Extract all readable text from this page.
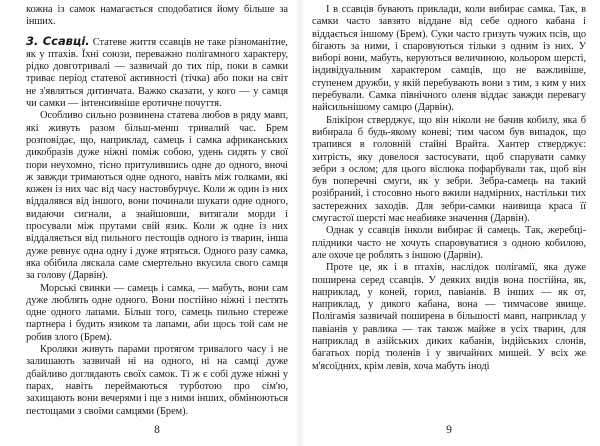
кожна із самок намагається сподобатися йому більше за інших.

3. Ссавці. Статеве життя ссавців не таке різноманітне, як у птахів. Їхні союзи, переважно полігамного характеру, рідко довготривалі — зазвичай до тих пір, поки в самки триває період статевої активності (тічка) або поки на світ не з'являться дитинчата. Важко сказати, у кого — у самця чи самки — інтенсивніше еротичне почуття.

Особливо сильно розвинена статева любов в ряду мавп, які живуть разом більш-менш тривалий час. Брем розповідає, що, наприклад, самець і самка африканських дикобразів дуже ніжні поміж собою, удень сидять у свої пори неухомно, тісно притулившись одне до одного, вночі ж завжди тримаються одне одного, навіть між голками, які кожен із них час від часу настовбурчує. Коли ж один із них віддалявся від іншого, вони починали шукати одне одного, видаючи сигнали, а знайшовши, витягали морди і просували між прутами свій язик. Коли ж одне із них віддаляється від пильного пестощів одного із тварин, інша дуже ревнує одна одну і дуже ятряться. Одного разу самка, яка обібила ляскала саме смертельно вкусила свого самця за голову (Дарвін).

Морські свинки — самець і самка, — мабуть, вони сам дуже люблять одне одного. Вони постійно ніжні і пестять одне одного лапами. Більш того, самець пильно стереже партнера і будить язиком та лапами, аби щось той сам не робив злого (Брем).

Кроляки живуть парами протягом тривалого часу і не залишають зазвичай ні на одного, ні на самці дуже дбайливо доглядають своїх самок. Ті ж є собі дуже ніжні у парах, навіть переймаються турботою про сім'ю, захищають вони вечерями і ще з ними інших, обмінюються пестощами з своїми самцями (Брем).

8

І в ссавців бувають приклади, коли вибирає самка. Так, в самки часто завзято віддане від себе одного кабана і віддається іншому (Брем). Суки часто гризуть чужих псів, що бігають за ними, і спаровуються тільки з одним із них. У виборі вони, мабуть, керуються величиною, кольором шерсті, індивідуальним характером самців, що не важливіше, ступенем дружби, у якій перебувають вони з тим, з ким у них перебували. Самка північного оленя віддає завжди перевагу найсильнішому самцю (Дарвін).

Блікірон стверджує, що він ніколи не бачив кобилу, яка б вибирала б будь-якому коневі; тим часом був випадок, що трапився в головній стайні Врайта. Хантер стверджує: хитрість, яку довелося застосувати, щоб спарувати самку зебри з ослом; для цього віслюка пофарбували так, щоб він був поперечні смуги, як у зебри. Зебра-самець на такий розібраний, і стосовно нього вжили надмірних, настільки тих застережних заходів. Для зебри-самки наивища краса її смугастої шерсті має неабияке значення (Дарвін).

Однак у ссавців інколи вибирає й самець. Так, жеребці-плідники часто не хочуть спаровуватися з одною кобилою, але охоче це роблять з іншою (Дарвін).

Проте це, як і в птахів, наслідок полігамії, яка дуже поширена серед ссавців. У деяких видів вона постійна, як, наприклад, у коней, горил, павіанів. В інших — як от, наприклад, у дикого кабана, вона — тимчасове явище. Полігамія зазвичай поширена в більшості мавп, наприклад у павіанів у равлика — так також майже в усіх тварин, для наприклад в азійських диких кабанів, індійських слонів, багатьох порід тюленів і у звичайних мишей. У всіх же м'ясоїдних, крім левів, хоча мабуть іноді

9
